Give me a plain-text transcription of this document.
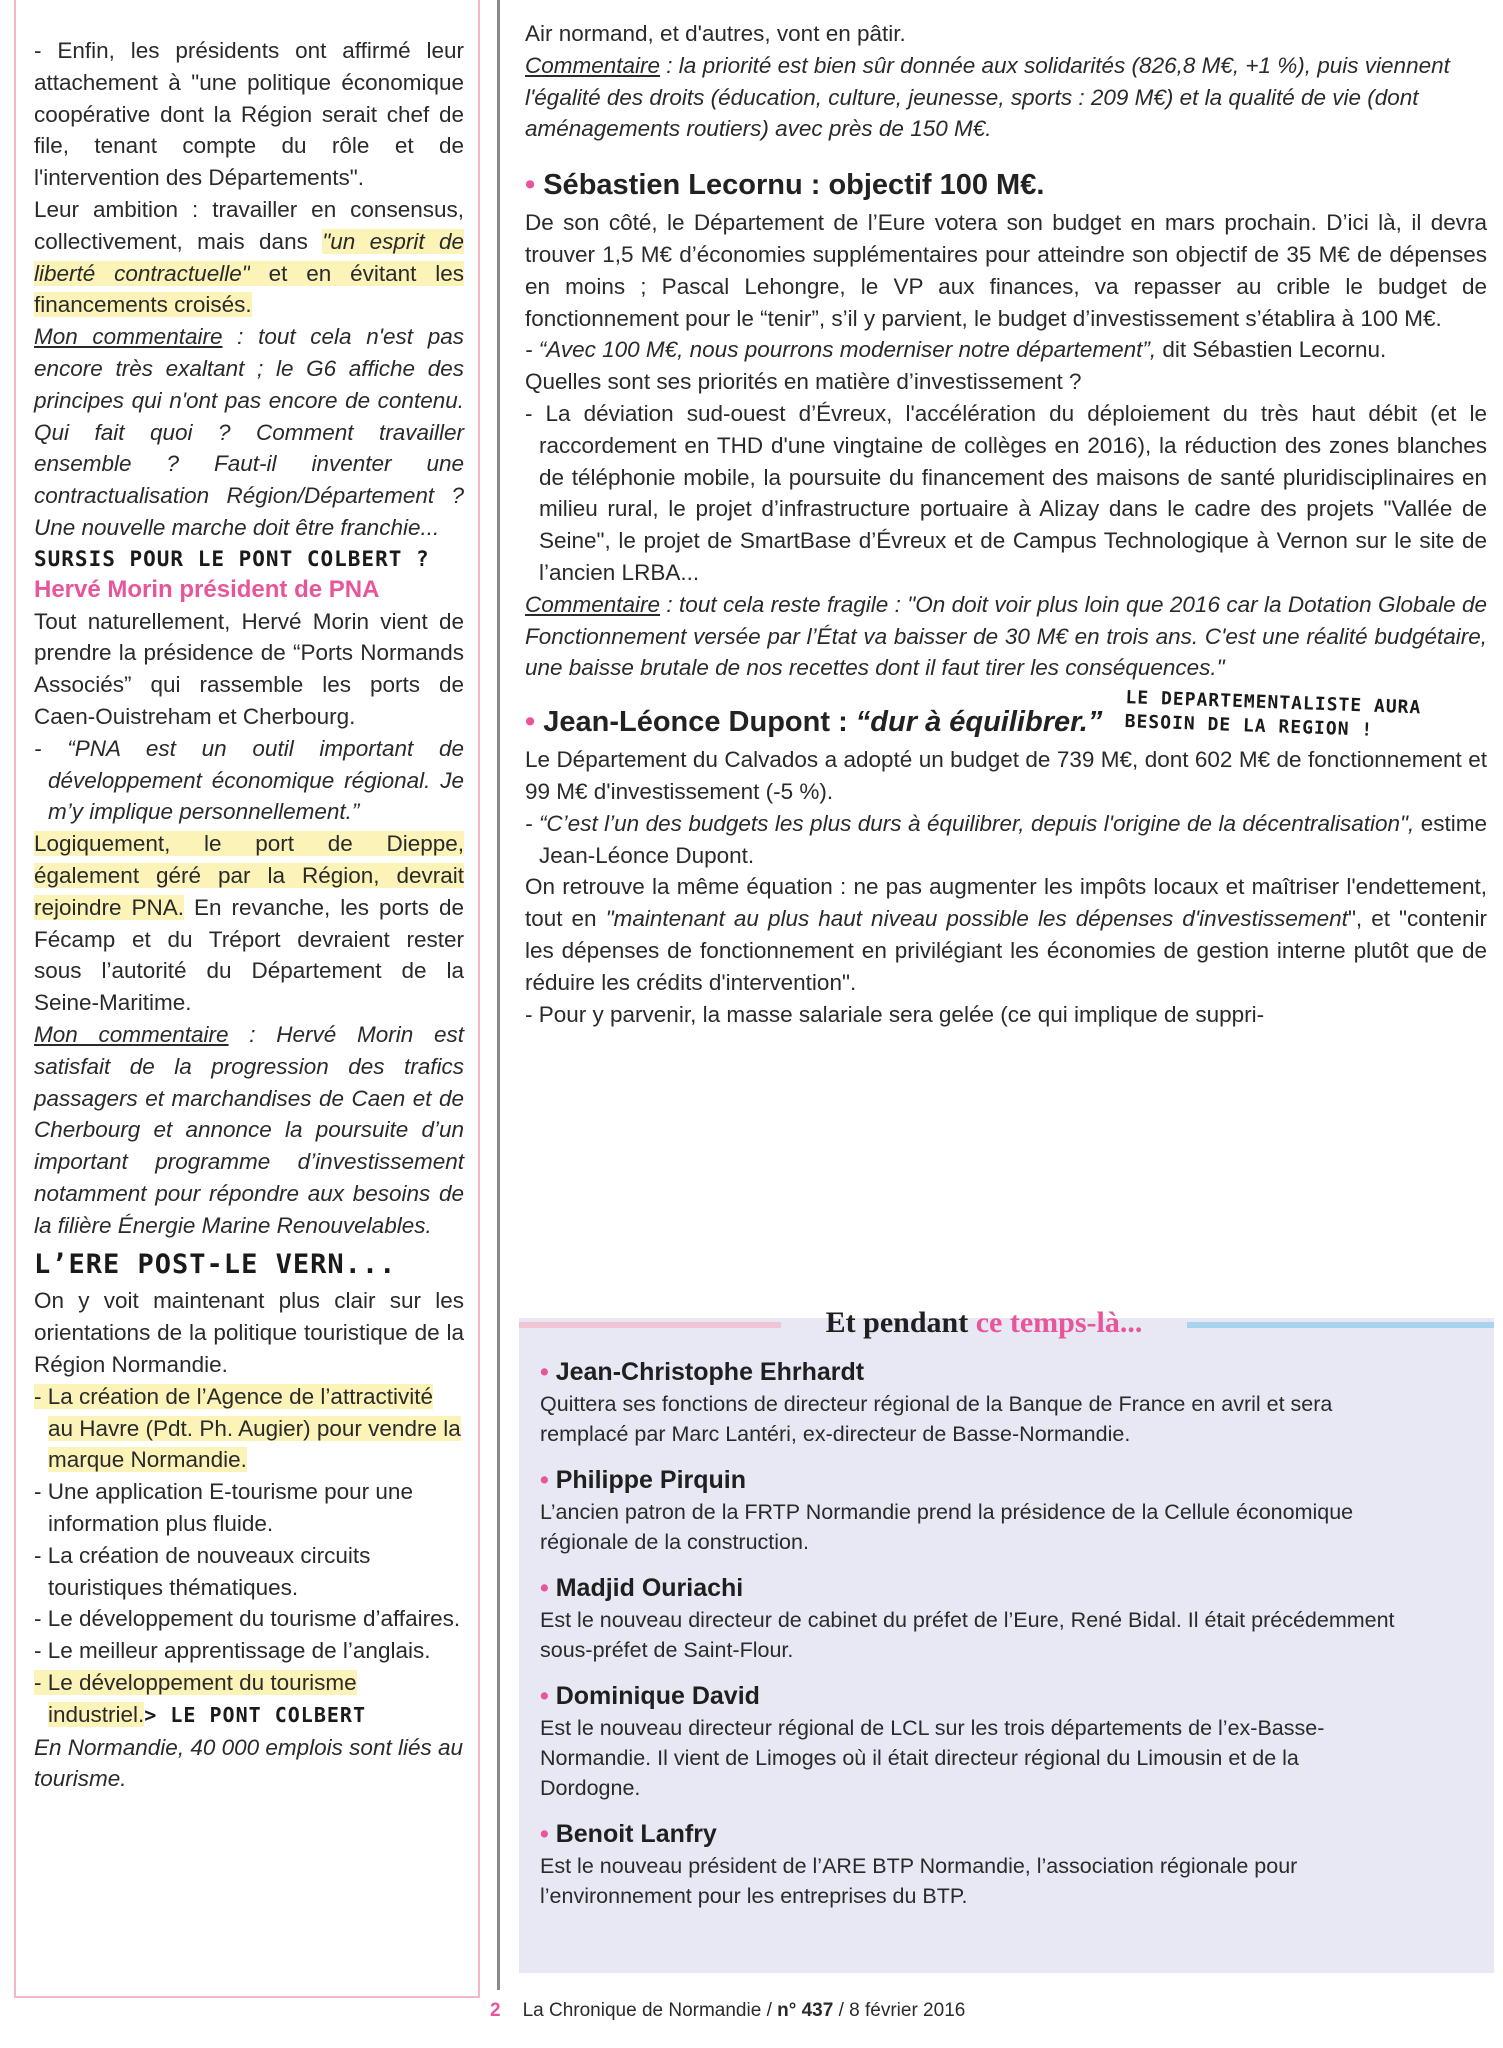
- Enfin, les présidents ont affirmé leur attachement à "une politique économique coopérative dont la Région serait chef de file, tenant compte du rôle et de l'intervention des Départements".

Leur ambition : travailler en consensus, collectivement, mais dans "un esprit de liberté contractuelle" et en évitant les financements croisés.

Mon commentaire : tout cela n'est pas encore très exaltant ; le G6 affiche des principes qui n'ont pas encore de contenu. Qui fait quoi ? Comment travailler ensemble ? Faut-il inventer une contractualisation Région/Département ? Une nouvelle marche doit être franchie...

SURSIS POUR LE PONT COLBERT ?

Hervé Morin président de PNA

Tout naturellement, Hervé Morin vient de prendre la présidence de “Ports Normands Associés” qui rassemble les ports de Caen-Ouistreham et Cherbourg.

- “PNA est un outil important de développement économique régional. Je m’y implique personnellement.”

Logiquement, le port de Dieppe, également géré par la Région, devrait rejoindre PNA. En revanche, les ports de Fécamp et du Tréport devraient rester sous l’autorité du Département de la Seine-Maritime.

Mon commentaire : Hervé Morin est satisfait de la progression des trafics passagers et marchandises de Caen et de Cherbourg et annonce la poursuite d’un important programme d’investissement notamment pour répondre aux besoins de la filière Énergie Marine Renouvelables.

L’ERE POST-LE VERN...

On y voit maintenant plus clair sur les orientations de la politique touristique de la Région Normandie.

- La création de l’Agence de l’attractivité au Havre (Pdt. Ph. Augier) pour vendre la marque Normandie.

- Une application E-tourisme pour une information plus fluide.

- La création de nouveaux circuits touristiques thématiques.

- Le développement du tourisme d’affaires.

- Le meilleur apprentissage de l’anglais.

- Le développement du tourisme industriel.> LE PONT COLBERT

En Normandie, 40 000 emplois sont liés au tourisme.

Air normand, et d'autres, vont en pâtir.

Commentaire : la priorité est bien sûr donnée aux solidarités (826,8 M€, +1 %), puis viennent l'égalité des droits (éducation, culture, jeunesse, sports : 209 M€) et la qualité de vie (dont aménagements routiers) avec près de 150 M€.

• Sébastien Lecornu : objectif 100 M€.

De son côté, le Département de l’Eure votera son budget en mars prochain. D’ici là, il devra trouver 1,5 M€ d’économies supplémentaires pour atteindre son objectif de 35 M€ de dépenses en moins ; Pascal Lehongre, le VP aux finances, va repasser au crible le budget de fonctionnement pour le “tenir”, s’il y parvient, le budget d’investissement s’établira à 100 M€.

- “Avec 100 M€, nous pourrons moderniser notre département”, dit Sébastien Lecornu.

Quelles sont ses priorités en matière d’investissement ?

- La déviation sud-ouest d’Évreux, l'accélération du déploiement du très haut débit (et le raccordement en THD d'une vingtaine de collèges en 2016), la réduction des zones blanches de téléphonie mobile, la poursuite du financement des maisons de santé pluridisciplinaires en milieu rural, le projet d’infrastructure portuaire à Alizay dans le cadre des projets "Vallée de Seine", le projet de SmartBase d’Évreux et de Campus Technologique à Vernon sur le site de l’ancien LRBA...

Commentaire : tout cela reste fragile : "On doit voir plus loin que 2016 car la Dotation Globale de Fonctionnement versée par l’État va baisser de 30 M€ en trois ans. C'est une réalité budgétaire, une baisse brutale de nos recettes dont il faut tirer les conséquences."

• Jean-Léonce Dupont : “dur à équilibrer.”

LE DEPARTEMENTALISTE AURA BESOIN DE LA REGION !

Le Département du Calvados a adopté un budget de 739 M€, dont 602 M€ de fonctionnement et 99 M€ d'investissement (-5 %).

- “C’est l’un des budgets les plus durs à équilibrer, depuis l'origine de la décentralisation", estime Jean-Léonce Dupont.

On retrouve la même équation : ne pas augmenter les impôts locaux et maîtriser l'endettement, tout en "maintenant au plus haut niveau possible les dépenses d'investissement", et "contenir les dépenses de fonctionnement en privilégiant les économies de gestion interne plutôt que de réduire les crédits d'intervention".

- Pour y parvenir, la masse salariale sera gelée (ce qui implique de suppri-

Et pendant ce temps-là...
• Jean-Christophe Ehrhardt
Quittera ses fonctions de directeur régional de la Banque de France en avril et sera remplacé par Marc Lantéri, ex-directeur de Basse-Normandie.
• Philippe Pirquin
L’ancien patron de la FRTP Normandie prend la présidence de la Cellule économique régionale de la construction.
• Madjid Ouriachi
Est le nouveau directeur de cabinet du préfet de l’Eure, René Bidal. Il était précédemment sous-préfet de Saint-Flour.
• Dominique David
Est le nouveau directeur régional de LCL sur les trois départements de l’ex-Basse-Normandie. Il vient de Limoges où il était directeur régional du Limousin et de la Dordogne.
• Benoit Lanfry
Est le nouveau président de l’ARE BTP Normandie, l’association régionale pour l’environnement pour les entreprises du BTP.
2 La Chronique de Normandie / n° 437 / 8 février 2016
